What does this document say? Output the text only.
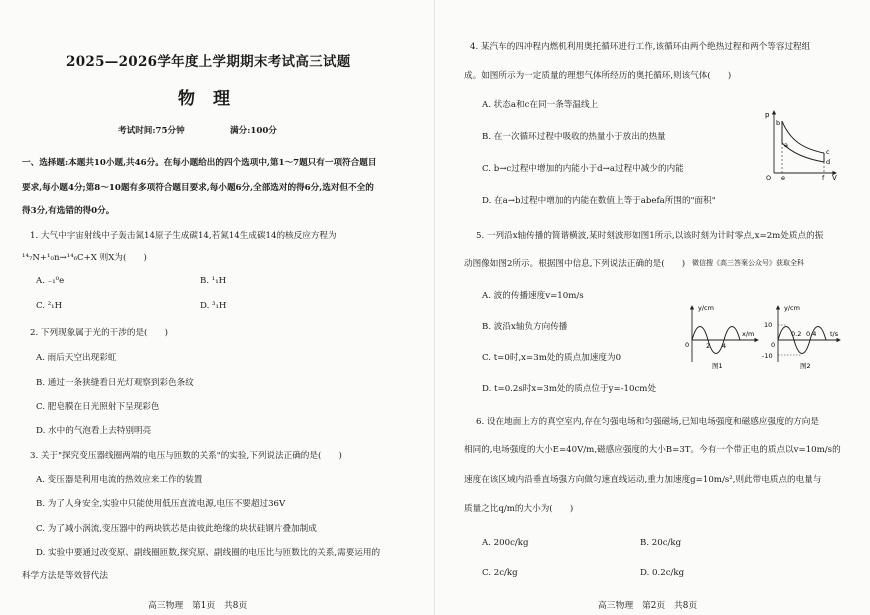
2025—2026学年度上学期期末考试高三试题
物理
考试时间:75分钟	满分:100分
一、选择题:本题共10小题,共46分。在每小题给出的四个选项中,第1～7题只有一项符合题目
要求,每小题4分;第8～10题有多项符合题目要求,每小题6分,全部选对的得6分,选对但不全的
得3分,有选错的得0分。
1. 大气中宇宙射线中子轰击氮14原子生成碳14,若氮14生成碳14的核反应方程为
¹⁴₇N+¹₀n→¹⁴₆C+X 则X为(　　)
A. ₋₁⁰e	B. ¹₁H
C. ²₁H	D. ³₁H
2. 下列现象属于光的干涉的是(　　)
A. 雨后天空出现彩虹
B. 通过一条狭缝看日光灯观察到彩色条纹
C. 肥皂膜在日光照射下呈现彩色
D. 水中的气泡看上去特别明亮
3. 关于"探究变压器线圈两端的电压与匝数的关系"的实验,下列说法正确的是(　　)
A. 变压器是利用电流的热效应来工作的装置
B. 为了人身安全,实验中只能使用低压直流电源,电压不要超过36V
C. 为了减小涡流,变压器中的两块铁芯是由彼此绝缘的块状硅钢片叠加制成
D. 实验中要通过改变原、副线圈匝数,探究原、副线圈的电压比与匝数比的关系,需要运用的
科学方法是等效替代法
高三物理　第1页　共8页
4. 某汽车的四冲程内燃机利用奥托循环进行工作,该循环由两个绝热过程和两个等容过程组
成。如图所示为一定质量的理想气体所经历的奥托循环,则该气体(　　)
A. 状态a和c在同一条等温线上
B. 在一次循环过程中吸收的热量小于放出的热量
C. b→c过程中增加的内能小于d→a过程中减少的内能
D. 在a→b过程中增加的内能在数值上等于abefa所围的"面积"
p
V
O
a
b
c
d
e	f
5. 一列沿x轴传播的简谐横波,某时刻波形如图1所示,以该时刻为计时零点,x=2m处质点的振
动图像如图2所示。根据图中信息,下列说法正确的是(　　) 微信搜《高三答案公众号》获取全科
A. 波的传播速度v=10m/s
B. 波沿x轴负方向传播
C. t=0时,x=3m处的质点加速度为0
D. t=0.2s时x=3m处的质点位于y=-10cm处
y/cm
x/m
0	2 4
图1
y/cm
t/s
0
10
-10
0.2 0.4
图2
6. 设在地面上方的真空室内,存在匀强电场和匀强磁场,已知电场强度和磁感应强度的方向是
相同的,电场强度的大小E=40V/m,磁感应强度的大小B=3T。今有一个带正电的质点以v=10m/s的
速度在该区域内沿垂直场强方向做匀速直线运动,重力加速度g=10m/s²,则此带电质点的电量与
质量之比q/m的大小为(　　)
A. 200c/kg	B. 20c/kg
C. 2c/kg	D. 0.2c/kg
高三物理　第2页　共8页
